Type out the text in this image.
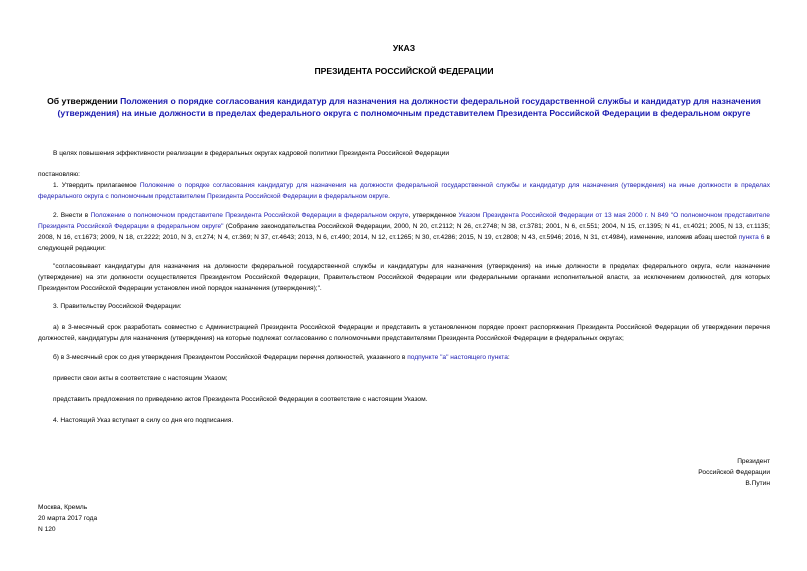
УКАЗ
ПРЕЗИДЕНТА РОССИЙСКОЙ ФЕДЕРАЦИИ
Об утверждении Положения о порядке согласования кандидатур для назначения на должности федеральной государственной службы и кандидатур для назначения (утверждения) на иные должности в пределах федерального округа с полномочным представителем Президента Российской Федерации в федеральном округе
В целях повышения эффективности реализации в федеральных округах кадровой политики Президента Российской Федерации
постановляю:
1. Утвердить прилагаемое Положение о порядке согласования кандидатур для назначения на должности федеральной государственной службы и кандидатур для назначения (утверждения) на иные должности в пределах федерального округа с полномочным представителем Президента Российской Федерации в федеральном округе.
2. Внести в Положение о полномочном представителе Президента Российской Федерации в федеральном округе, утвержденное Указом Президента Российской Федерации от 13 мая 2000 г. N 849 "О полномочном представителе Президента Российской Федерации в федеральном округе" (Собрание законодательства Российской Федерации, 2000, N 20, ст.2112; N 26, ст.2748; N 38, ст.3781; 2001, N 6, ст.551; 2004, N 15, ст.1395; N 41, ст.4021; 2005, N 13, ст.1135; 2008, N 16, ст.1673; 2009, N 18, ст.2222; 2010, N 3, ст.274; N 4, ст.369; N 37, ст.4643; 2013, N 6, ст.490; 2014, N 12, ст.1265; N 30, ст.4286; 2015, N 19, ст.2808; N 43, ст.5946; 2016, N 31, ст.4984), изменение, изложив абзац шестой пункта 6 в следующей редакции:
"согласовывает кандидатуры для назначения на должности федеральной государственной службы и кандидатуры для назначения (утверждения) на иные должности в пределах федерального округа, если назначение (утверждение) на эти должности осуществляется Президентом Российской Федерации, Правительством Российской Федерации или федеральными органами исполнительной власти, за исключением должностей, для которых Президентом Российской Федерации установлен иной порядок назначения (утверждения);".
3. Правительству Российской Федерации:
а) в 3-месячный срок разработать совместно с Администрацией Президента Российской Федерации и представить в установленном порядке проект распоряжения Президента Российской Федерации об утверждении перечня должностей, кандидатуры для назначения (утверждения) на которые подлежат согласованию с полномочными представителями Президента Российской Федерации в федеральных округах;
б) в 3-месячный срок со дня утверждения Президентом Российской Федерации перечня должностей, указанного в подпункте "а" настоящего пункта:
привести свои акты в соответствие с настоящим Указом;
представить предложения по приведению актов Президента Российской Федерации в соответствие с настоящим Указом.
4. Настоящий Указ вступает в силу со дня его подписания.
Президент
Российской Федерации
В.Путин
Москва, Кремль
20 марта 2017 года
N 120
